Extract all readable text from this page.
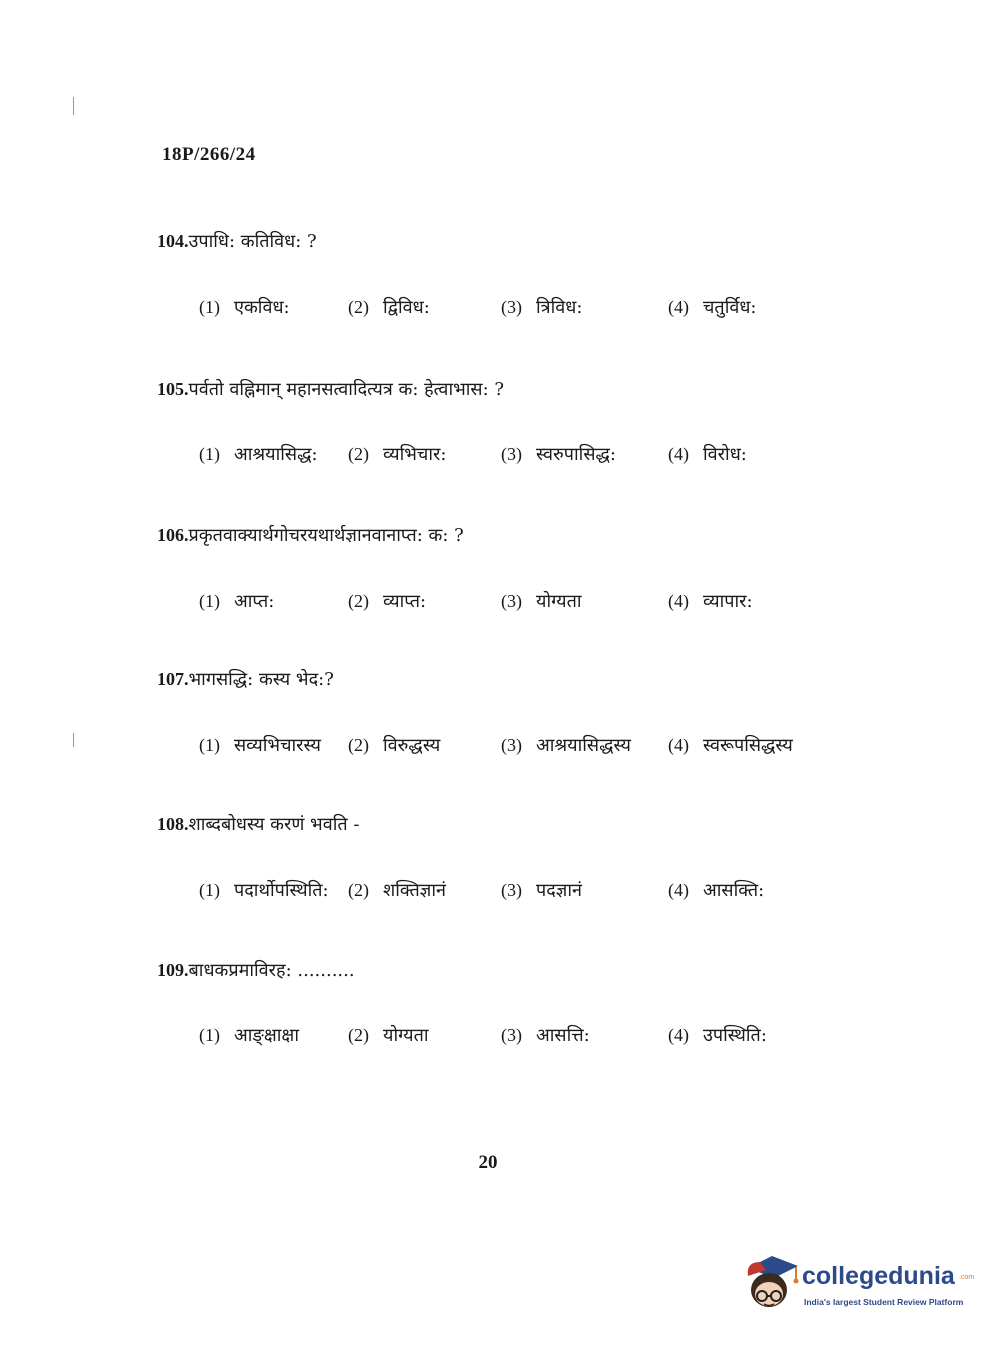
18P/266/24
104.उपाधि: कतिविध: ?
(1) एकविध:	(2) द्विविध:	(3) त्रिविध:	(4) चतुर्विध:
105.पर्वतो वह्निमान् महानसत्वादित्यत्र क: हेत्वाभास: ?
(1) आश्रयासिद्ध: (2) व्यभिचार:	(3) स्वरुपासिद्ध:	(4) विरोध:
106.प्रकृतवाक्यार्थगोचरयथार्थज्ञानवानाप्त: क: ?
(1) आप्त:	(2) व्याप्त:	(3) योग्यता	(4) व्यापार:
107.भागसद्धि: कस्य भेद:?
(1) सव्यभिचारस्य (2) विरुद्धस्य	(3) आश्रयासिद्धस्य (4) स्वरूपसिद्धस्य
108.शाब्दबोधस्य करणं भवति -
(1) पदार्थोपस्थिति: (2) शक्तिज्ञानं	(3) पदज्ञानं	(4) आसक्ति:
109.बाधकप्रमाविरह: ..........
(1) आङ्क्षाक्षा	(2) योग्यता	(3) आसत्ति:	(4) उपस्थिति:
20
collegedunia .com
India's largest Student Review Platform
